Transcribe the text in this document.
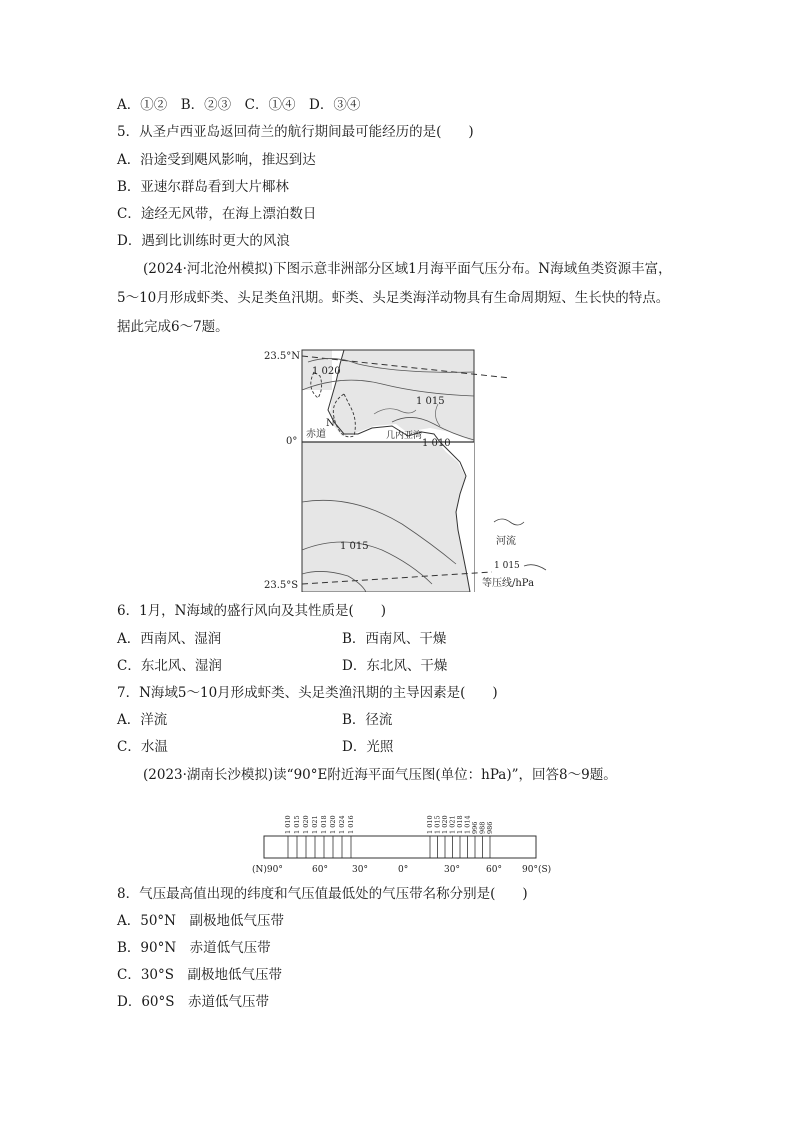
A．①②　B．②③　C．①④　D．③④
5．从圣卢西亚岛返回荷兰的航行期间最可能经历的是(　　)
A．沿途受到飓风影响，推迟到达
B．亚速尔群岛看到大片椰林
C．途经无风带，在海上漂泊数日
D．遇到比训练时更大的风浪
(2024·河北沧州模拟)下图示意非洲部分区域1月海平面气压分布。N海域鱼类资源丰富，
5～10月形成虾类、头足类鱼汛期。虾类、头足类海洋动物具有生命周期短、生长快的特点。
据此完成6～7题。
23.5°N
0°
23.5°S
赤道	几内亚湾
N
1 020
1 015
1 010
1 015	河流
1 015
等压线/hPa
6．1月，N海域的盛行风向及其性质是(　　)
A．西南风、湿润	B．西南风、干燥
C．东北风、湿润	D．东北风、干燥
7．N海域5～10月形成虾类、头足类渔汛期的主导因素是(　　)
A．洋流	B．径流
C．水温	D．光照
(2023·湖南长沙模拟)读“90°E附近海平面气压图(单位：hPa)”，回答8～9题。
1 010 1 015 1 020 1 021 1 018 1 020 1 024 1 016	1 010 1 015 1 020 1 021 1 018 1 014 996 988 986
(N)90°	60°	30°	0°	30°	60° 90°(S)
8．气压最高值出现的纬度和气压值最低处的气压带名称分别是(　　)
A．50°N　副极地低气压带
B．90°N　赤道低气压带
C．30°S　副极地低气压带
D．60°S　赤道低气压带
